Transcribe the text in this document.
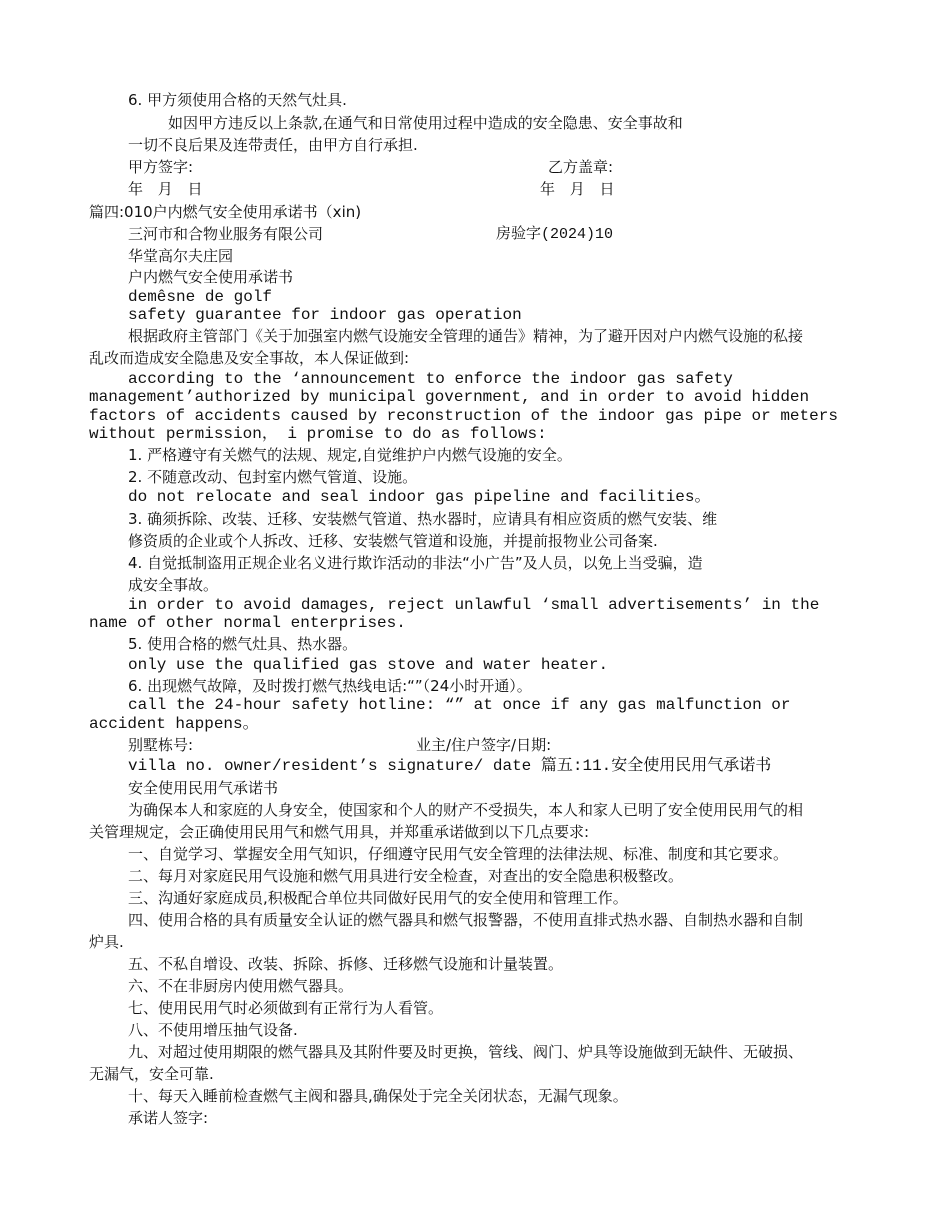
6. 甲方须使用合格的天然气灶具.
如因甲方违反以上条款,在通气和日常使用过程中造成的安全隐患、安全事故和
一切不良后果及连带责任，由甲方自行承担.
甲方签字:	乙方盖章:
年 月 日	年 月 日
篇四:010户内燃气安全使用承诺书（xin)
三河市和合物业服务有限公司	房验字(2024)10
华堂高尔夫庄园
户内燃气安全使用承诺书
demêsne de golf
safety guarantee for indoor gas operation
根据政府主管部门《关于加强室内燃气设施安全管理的通告》精神，为了避开因对户内燃气设施的私接
乱改而造成安全隐患及安全事故，本人保证做到:
according to the ‘announcement to enforce the indoor gas safety
management’authorized by municipal government, and in order to avoid hidden
factors of accidents caused by reconstruction of the indoor gas pipe or meters
without permission， i promise to do as follows:
1. 严格遵守有关燃气的法规、规定,自觉维护户内燃气设施的安全。
2. 不随意改动、包封室内燃气管道、设施。
do not relocate and seal indoor gas pipeline and facilities。
3. 确须拆除、改装、迁移、安装燃气管道、热水器时，应请具有相应资质的燃气安装、维
修资质的企业或个人拆改、迁移、安装燃气管道和设施，并提前报物业公司备案.
4. 自觉抵制盗用正规企业名义进行欺诈活动的非法“小广告”及人员，以免上当受骗，造
成安全事故。
in order to avoid damages, reject unlawful ‘small advertisements’ in the
name of other normal enterprises.
5. 使用合格的燃气灶具、热水器。
only use the qualified gas stove and water heater.
6. 出现燃气故障，及时拨打燃气热线电话:“”（24小时开通）。
call the 24-hour safety hotline: “” at once if any gas malfunction or
accident happens。
别墅栋号:	业主/住户签字/日期:
villa no. owner/resident’s signature/ date 篇五:11.安全使用民用气承诺书
安全使用民用气承诺书
为确保本人和家庭的人身安全，使国家和个人的财产不受损失，本人和家人已明了安全使用民用气的相
关管理规定，会正确使用民用气和燃气用具，并郑重承诺做到以下几点要求:
一、自觉学习、掌握安全用气知识，仔细遵守民用气安全管理的法律法规、标准、制度和其它要求。
二、每月对家庭民用气设施和燃气用具进行安全检查，对查出的安全隐患积极整改。
三、沟通好家庭成员,积极配合单位共同做好民用气的安全使用和管理工作。
四、使用合格的具有质量安全认证的燃气器具和燃气报警器，不使用直排式热水器、自制热水器和自制
炉具.
五、不私自增设、改装、拆除、拆修、迁移燃气设施和计量装置。
六、不在非厨房内使用燃气器具。
七、使用民用气时必须做到有正常行为人看管。
八、不使用增压抽气设备.
九、对超过使用期限的燃气器具及其附件要及时更换，管线、阀门、炉具等设施做到无缺件、无破损、
无漏气，安全可靠.
十、每天入睡前检查燃气主阀和器具,确保处于完全关闭状态，无漏气现象。
承诺人签字:
